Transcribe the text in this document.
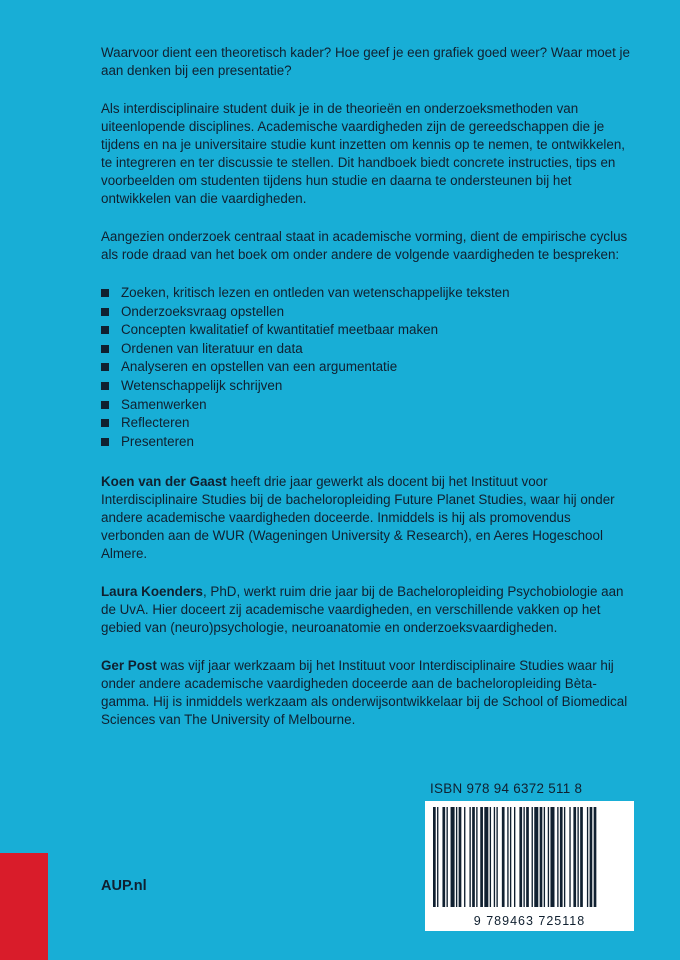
Waarvoor dient een theoretisch kader? Hoe geef je een grafiek goed weer? Waar moet je aan denken bij een presentatie?

Als interdisciplinaire student duik je in de theorieën en onderzoeksmethoden van uiteenlopende disciplines. Academische vaardigheden zijn de gereedschappen die je tijdens en na je universitaire studie kunt inzetten om kennis op te nemen, te ontwikkelen, te integreren en ter discussie te stellen. Dit handboek biedt concrete instructies, tips en voorbeelden om studenten tijdens hun studie en daarna te ondersteunen bij het ontwikkelen van die vaardigheden.

Aangezien onderzoek centraal staat in academische vorming, dient de empirische cyclus als rode draad van het boek om onder andere de volgende vaardigheden te bespreken:

Zoeken, kritisch lezen en ontleden van wetenschappelijke teksten
Onderzoeksvraag opstellen
Concepten kwalitatief of kwantitatief meetbaar maken
Ordenen van literatuur en data
Analyseren en opstellen van een argumentatie
Wetenschappelijk schrijven
Samenwerken
Reflecteren
Presenteren

Koen van der Gaast heeft drie jaar gewerkt als docent bij het Instituut voor Interdisciplinaire Studies bij de bacheloropleiding Future Planet Studies, waar hij onder andere academische vaardigheden doceerde. Inmiddels is hij als promovendus verbonden aan de WUR (Wageningen University & Research), en Aeres Hogeschool Almere.

Laura Koenders, PhD, werkt ruim drie jaar bij de Bacheloropleiding Psychobiologie aan de UvA. Hier doceert zij academische vaardigheden, en verschillende vakken op het gebied van (neuro)psychologie, neuroanatomie en onderzoeksvaardigheden.

Ger Post was vijf jaar werkzaam bij het Instituut voor Interdisciplinaire Studies waar hij onder andere academische vaardigheden doceerde aan de bacheloropleiding Bèta-gamma. Hij is inmiddels werkzaam als onderwijsontwikkelaar bij de School of Biomedical Sciences van The University of Melbourne.

ISBN 978 94 6372 511 8
9 789463 725118
AUP.nl
